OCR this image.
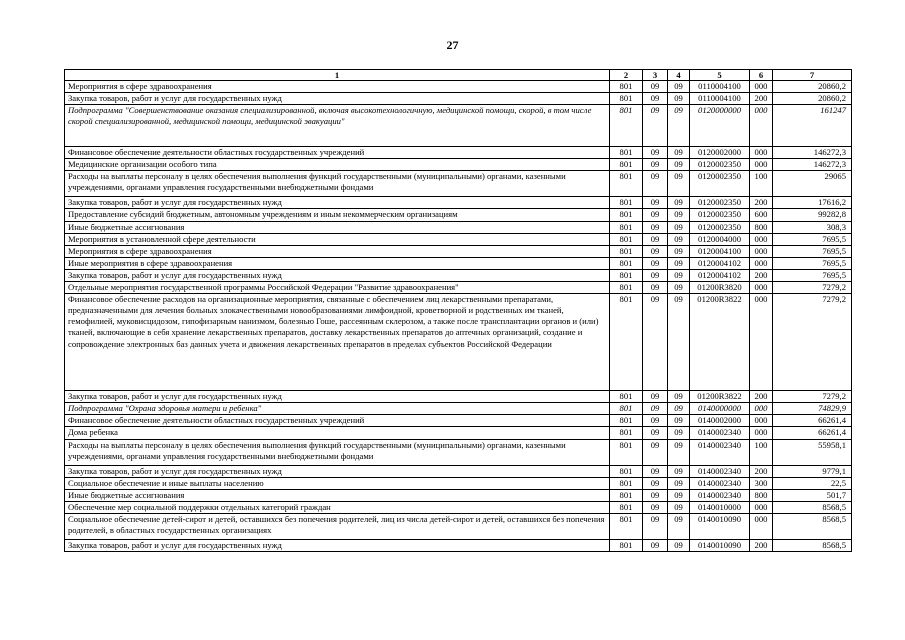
27
1	2	3	4	5	6	7
Мероприятия в сфере здравоохранения	801	09	09	0110004100	000	20860,2
Закупка товаров, работ и услуг для государственных нужд	801	09	09	0110004100	200	20860,2
Подпрограмма "Совершенствование оказания специализированной, включая высокотехнологичную, медицинской помощи, скорой, в том числе скорой специализированной, медицинской помощи, медицинской эвакуации"	801	09	09	0120000000	000	161247
Финансовое обеспечение деятельности областных государственных учреждений	801	09	09	0120002000	000	146272,3
Медицинские организации особого типа	801	09	09	0120002350	000	146272,3
Расходы на выплаты персоналу в целях обеспечения выполнения функций государственными (муниципальными) органами, казенными учреждениями, органами управления государственными внебюджетными фондами	801	09	09	0120002350	100	29065
Закупка товаров, работ и услуг для государственных нужд	801	09	09	0120002350	200	17616,2
Предоставление субсидий бюджетным, автономным учреждениям и иным некоммерческим организациям	801	09	09	0120002350	600	99282,8
Иные бюджетные ассигнования	801	09	09	0120002350	800	308,3
Мероприятия в установленной сфере деятельности	801	09	09	0120004000	000	7695,5
Мероприятия в сфере здравоохранения	801	09	09	0120004100	000	7695,5
Иные мероприятия в сфере здравоохранения	801	09	09	0120004102	000	7695,5
Закупка товаров, работ и услуг для государственных нужд	801	09	09	0120004102	200	7695,5
Отдельные мероприятия государственной программы Российской Федерации "Развитие здравоохранения"	801	09	09	01200R3820	000	7279,2
Финансовое обеспечение расходов на организационные мероприятия, связанные с обеспечением лиц лекарственными препаратами, предназначенными для лечения больных злокачественными новообразованиями лимфоидной, кроветворной и родственных им тканей, гемофилией, муковисцидозом, гипофизарным нанизмом, болезнью Гоше, рассеянным склерозом, а также после трансплантации органов и (или) тканей, включающие в себя хранение лекарственных препаратов, доставку лекарственных препаратов до аптечных организаций, создание и сопровождение электронных баз данных учета и движения лекарственных препаратов в пределах субъектов Российской Федерации	801	09	09	01200R3822	000	7279,2
Закупка товаров, работ и услуг для государственных нужд	801	09	09	01200R3822	200	7279,2
Подпрограмма "Охрана здоровья матери и ребенка"	801	09	09	0140000000	000	74829,9
Финансовое обеспечение деятельности областных государственных учреждений	801	09	09	0140002000	000	66261,4
Дома ребенка	801	09	09	0140002340	000	66261,4
Расходы на выплаты персоналу в целях обеспечения выполнения функций государственными (муниципальными) органами, казенными учреждениями, органами управления государственными внебюджетными фондами	801	09	09	0140002340	100	55958,1
Закупка товаров, работ и услуг для государственных нужд	801	09	09	0140002340	200	9779,1
Социальное обеспечение и иные выплаты населению	801	09	09	0140002340	300	22,5
Иные бюджетные ассигнования	801	09	09	0140002340	800	501,7
Обеспечение мер социальной поддержки отдельных категорий граждан	801	09	09	0140010000	000	8568,5
Социальное обеспечение детей-сирот и детей, оставшихся без попечения родителей, лиц из числа детей-сирот и детей, оставшихся без попечения родителей, в областных государственных организациях	801	09	09	0140010090	000	8568,5
Закупка товаров, работ и услуг для государственных нужд	801	09	09	0140010090	200	8568,5
